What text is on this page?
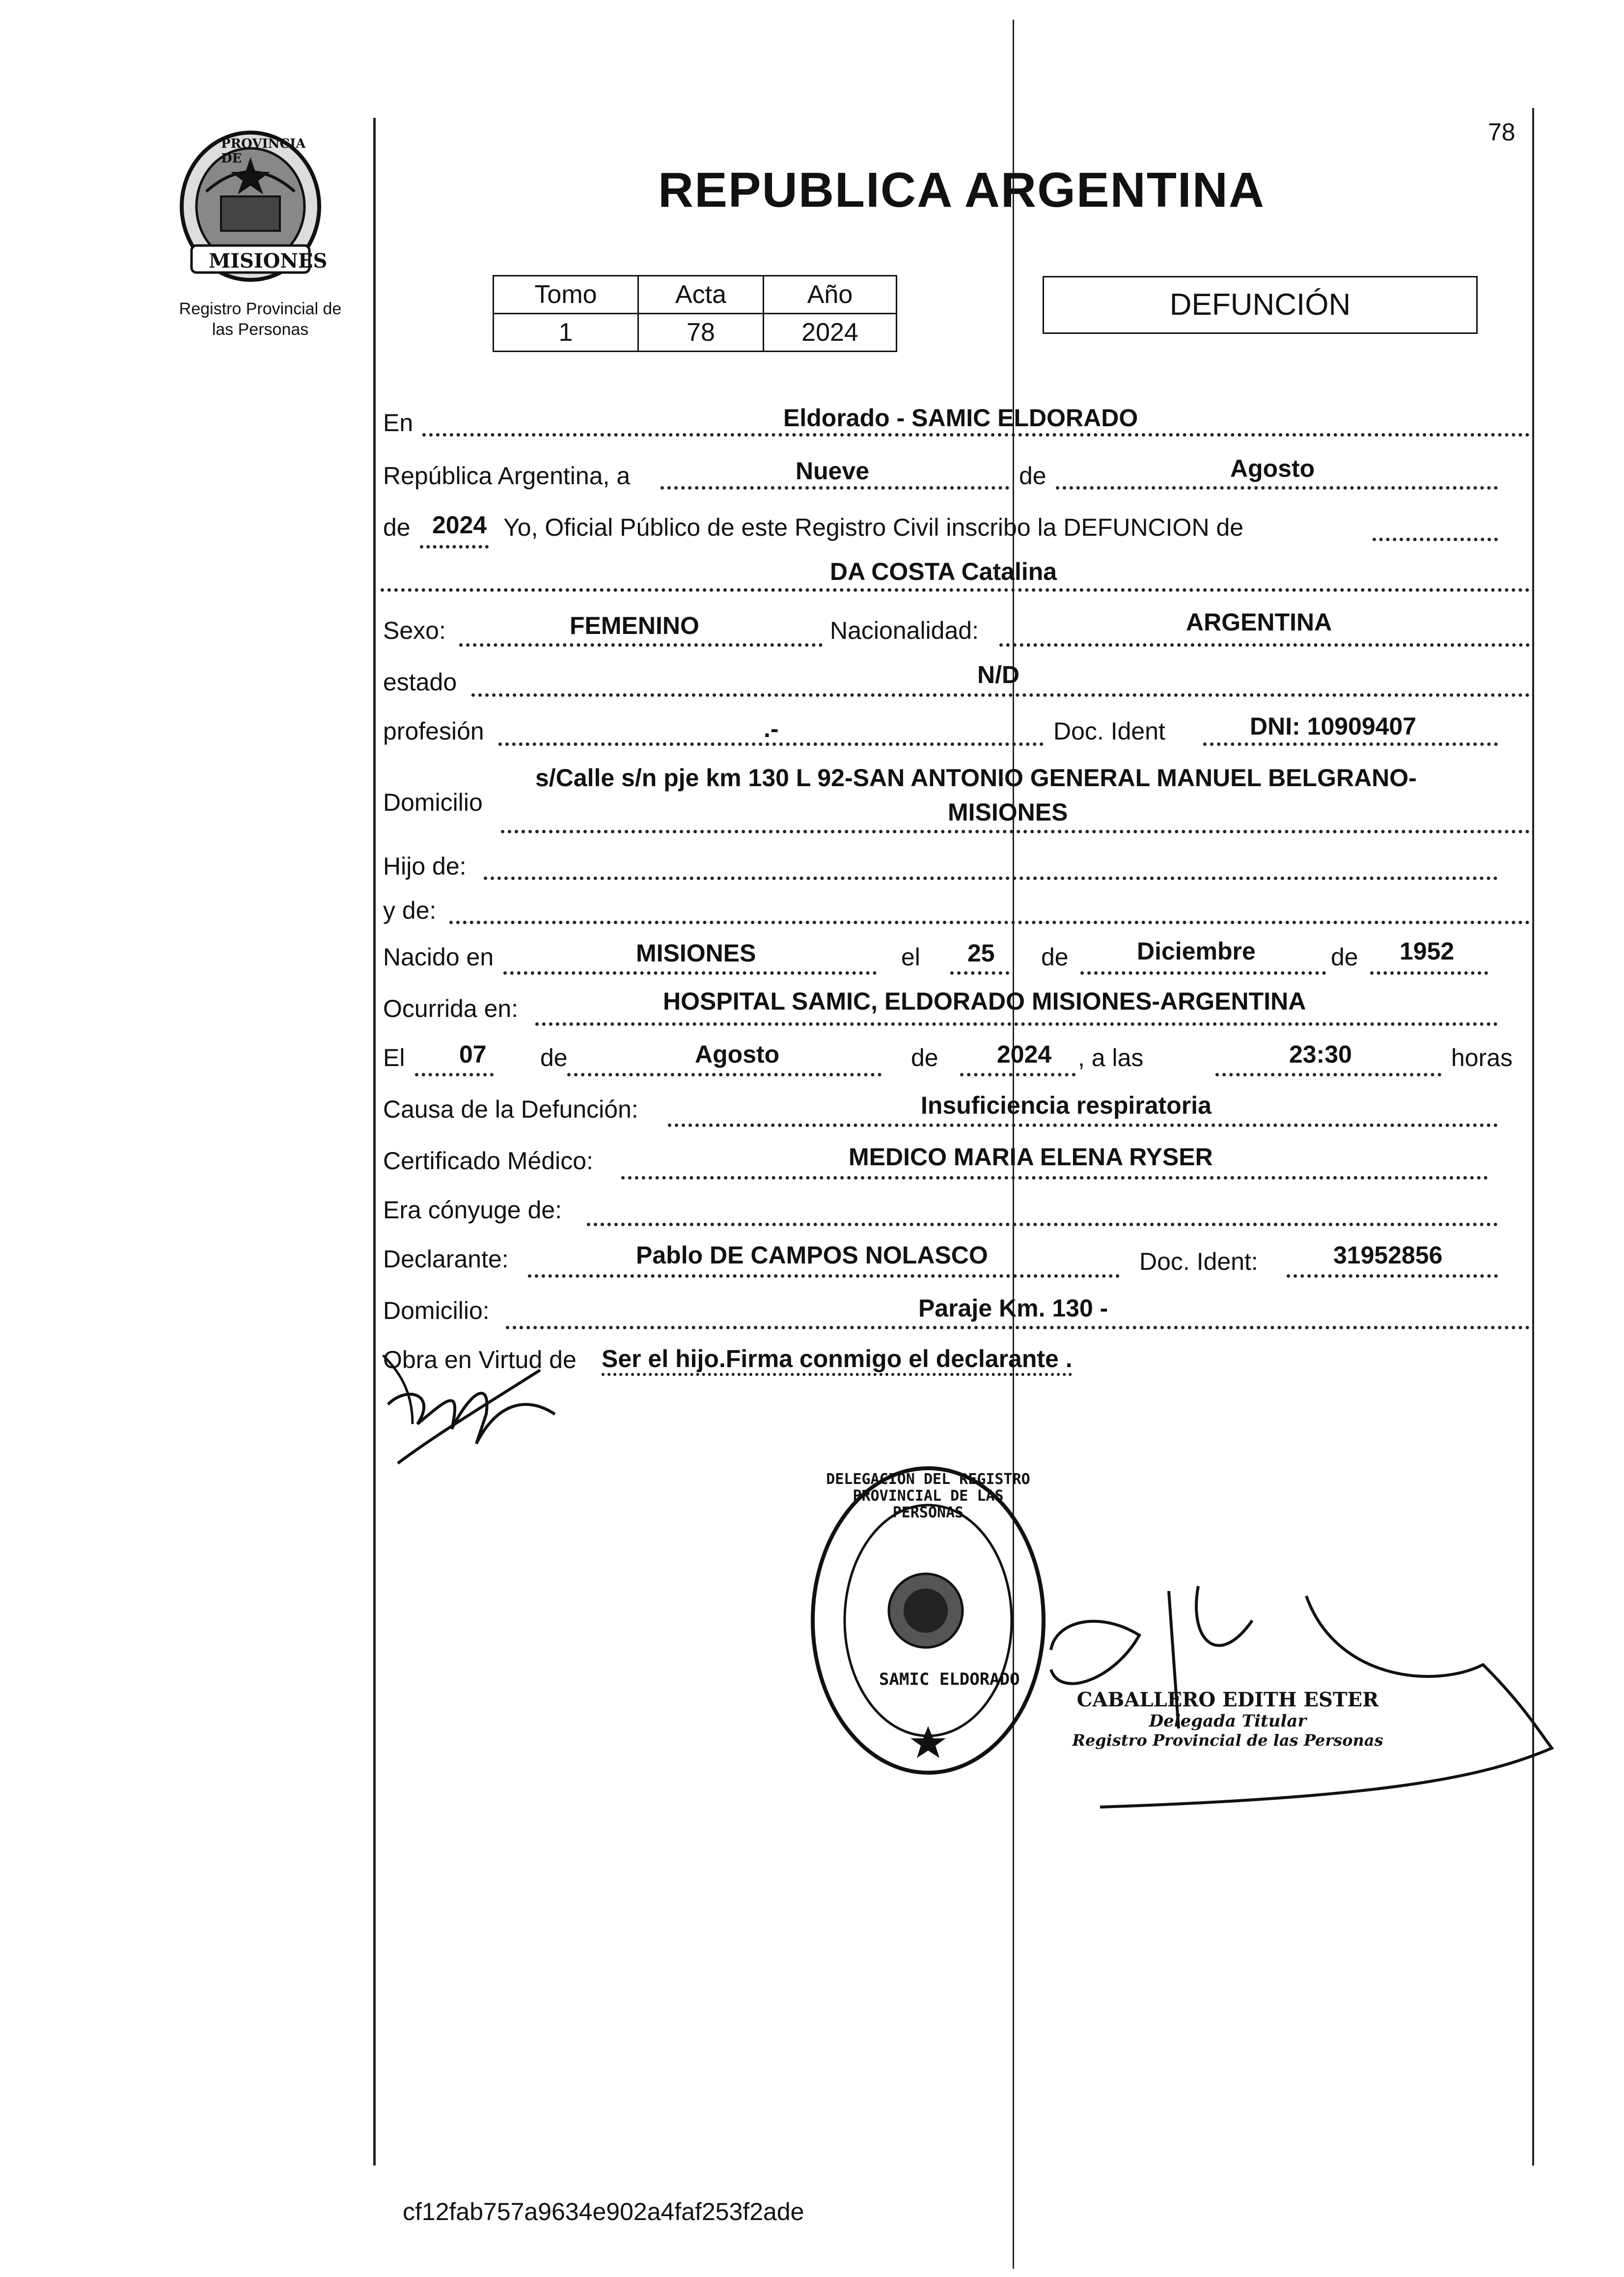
PROVINCIA DE
MISIONES
Registro Provincial de
las Personas
78
REPUBLICA ARGENTINA
Tomo	Acta	Año
1	78	2024
DEFUNCIÓN
En	Eldorado - SAMIC ELDORADO
República Argentina, a	Nueve	de	Agosto
de 2024 Yo, Oficial Público de este Registro Civil inscribo la DEFUNCION de
DA COSTA Catalina
Sexo:	FEMENINO	Nacionalidad:	ARGENTINA
estado	N/D
profesión	.-	Doc. Ident	DNI: 10909407
Domicilio
s/Calle s/n pje km 130 L 92-SAN ANTONIO GENERAL MANUEL BELGRANO-
MISIONES
Hijo de:
y de:
Nacido en	MISIONES	el 25 de	Diciembre	de 1952
Ocurrida en:	HOSPITAL SAMIC, ELDORADO MISIONES-ARGENTINA
El 07 de	Agosto	de 2024 , a las	23:30	horas
Causa de la Defunción:	Insuficiencia respiratoria
Certificado Médico:	MEDICO MARIA ELENA RYSER
Era cónyuge de:
Declarante:	Pablo DE CAMPOS NOLASCO	Doc. Ident:	31952856
Domicilio:	Paraje Km. 130 -
Obra en Virtud de Ser el hijo.Firma conmigo el declarante .
DELEGACION DEL REGISTRO PROVINCIAL DE LAS PERSONAS
SAMIC ELDORADO
CABALLERO EDITH ESTER
Delegada Titular
Registro Provincial de las Personas
cf12fab757a9634e902a4faf253f2ade
